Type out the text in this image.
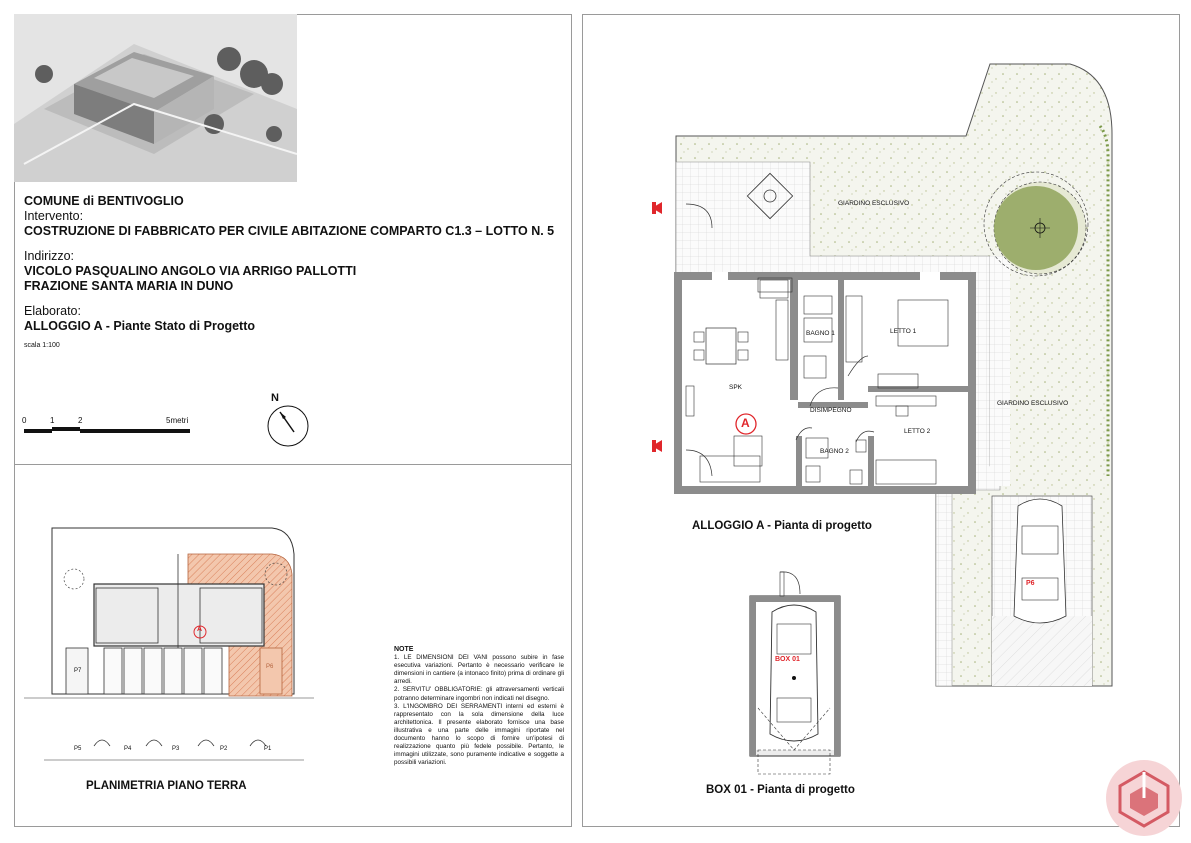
COMUNE di BENTIVOGLIO
Intervento:
COSTRUZIONE DI FABBRICATO PER CIVILE ABITAZIONE COMPARTO C1.3 – LOTTO N. 5
Indirizzo:
VICOLO PASQUALINO ANGOLO VIA ARRIGO PALLOTTI
FRAZIONE SANTA MARIA IN DUNO
Elaborato:
ALLOGGIO A - Piante Stato di Progetto
scala 1:100
0	1	2	5metri
N
P7
P5	P4	P3	P2	P1
P6
A
PLANIMETRIA PIANO TERRA
NOTE
1. LE DIMENSIONI DEI VANI possono subire in fase esecutiva variazioni. Pertanto è necessario verificare le dimensioni in cantiere (a intonaco finito) prima di ordinare gli arredi.
2. SERVITU' OBBLIGATORIE: gli attraversamenti verticali potranno determinare ingombri non indicati nel disegno.
3. L'INGOMBRO DEI SERRAMENTI interni ed esterni è rappresentato con la sola dimensione della luce architettonica. Il presente elaborato fornisce una base illustrativa e una parte delle immagini riportate nel documento hanno lo scopo di fornire un'ipotesi di realizzazione quanto più fedele possibile. Pertanto, le immagini utilizzate, sono puramente indicative e soggette a possibili variazioni.
GIARDINO ESCLUSIVO
GIARDINO ESCLUSIVO
SPK
BAGNO 1	LETTO 1
DISIMPEGNO
LETTO 2
BAGNO 2
A
P6
ALLOGGIO A - Pianta di progetto
BOX 01
BOX 01 - Pianta di progetto
